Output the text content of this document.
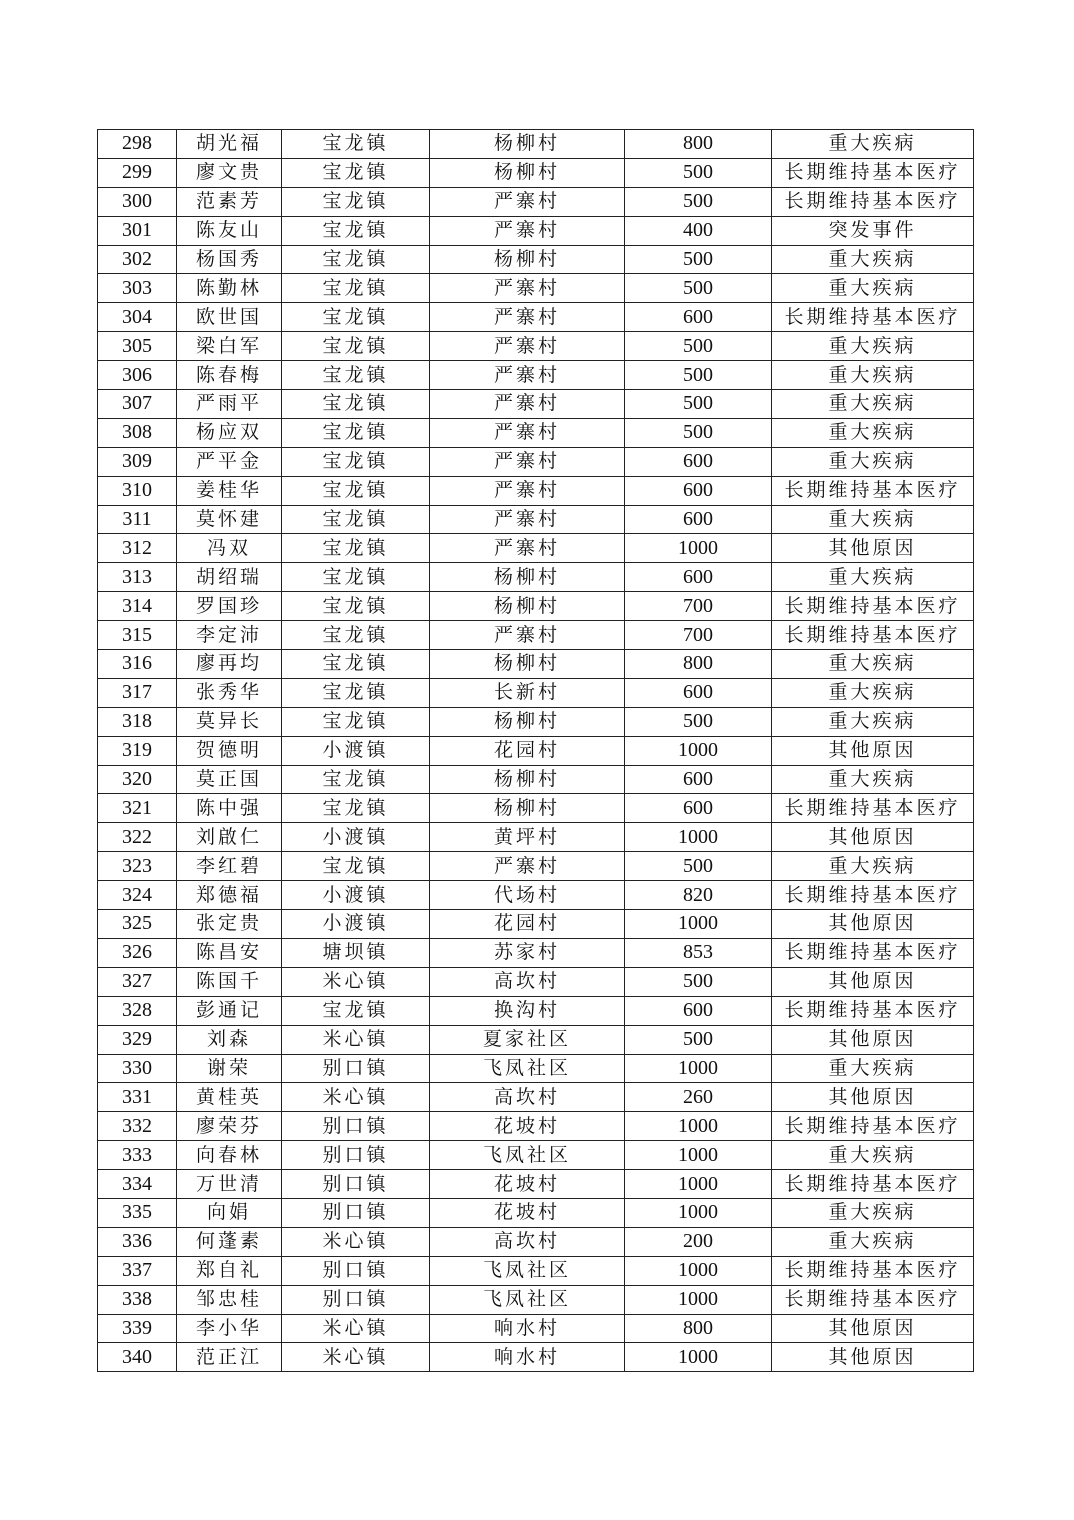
298	胡光福	宝龙镇	杨柳村	800	重大疾病
299	廖文贵	宝龙镇	杨柳村	500	长期维持基本医疗
300	范素芳	宝龙镇	严寨村	500	长期维持基本医疗
301	陈友山	宝龙镇	严寨村	400	突发事件
302	杨国秀	宝龙镇	杨柳村	500	重大疾病
303	陈勤林	宝龙镇	严寨村	500	重大疾病
304	欧世国	宝龙镇	严寨村	600	长期维持基本医疗
305	梁白军	宝龙镇	严寨村	500	重大疾病
306	陈春梅	宝龙镇	严寨村	500	重大疾病
307	严雨平	宝龙镇	严寨村	500	重大疾病
308	杨应双	宝龙镇	严寨村	500	重大疾病
309	严平金	宝龙镇	严寨村	600	重大疾病
310	姜桂华	宝龙镇	严寨村	600	长期维持基本医疗
311	莫怀建	宝龙镇	严寨村	600	重大疾病
312	冯双	宝龙镇	严寨村	1000	其他原因
313	胡绍瑞	宝龙镇	杨柳村	600	重大疾病
314	罗国珍	宝龙镇	杨柳村	700	长期维持基本医疗
315	李定沛	宝龙镇	严寨村	700	长期维持基本医疗
316	廖再均	宝龙镇	杨柳村	800	重大疾病
317	张秀华	宝龙镇	长新村	600	重大疾病
318	莫异长	宝龙镇	杨柳村	500	重大疾病
319	贺德明	小渡镇	花园村	1000	其他原因
320	莫正国	宝龙镇	杨柳村	600	重大疾病
321	陈中强	宝龙镇	杨柳村	600	长期维持基本医疗
322	刘啟仁	小渡镇	黄坪村	1000	其他原因
323	李红碧	宝龙镇	严寨村	500	重大疾病
324	郑德福	小渡镇	代场村	820	长期维持基本医疗
325	张定贵	小渡镇	花园村	1000	其他原因
326	陈昌安	塘坝镇	苏家村	853	长期维持基本医疗
327	陈国千	米心镇	高坎村	500	其他原因
328	彭通记	宝龙镇	换沟村	600	长期维持基本医疗
329	刘森	米心镇	夏家社区	500	其他原因
330	谢荣	别口镇	飞凤社区	1000	重大疾病
331	黄桂英	米心镇	高坎村	260	其他原因
332	廖荣芬	别口镇	花坡村	1000	长期维持基本医疗
333	向春林	别口镇	飞凤社区	1000	重大疾病
334	万世清	别口镇	花坡村	1000	长期维持基本医疗
335	向娟	别口镇	花坡村	1000	重大疾病
336	何蓬素	米心镇	高坎村	200	重大疾病
337	郑自礼	别口镇	飞凤社区	1000	长期维持基本医疗
338	邹忠桂	别口镇	飞凤社区	1000	长期维持基本医疗
339	李小华	米心镇	响水村	800	其他原因
340	范正江	米心镇	响水村	1000	其他原因
